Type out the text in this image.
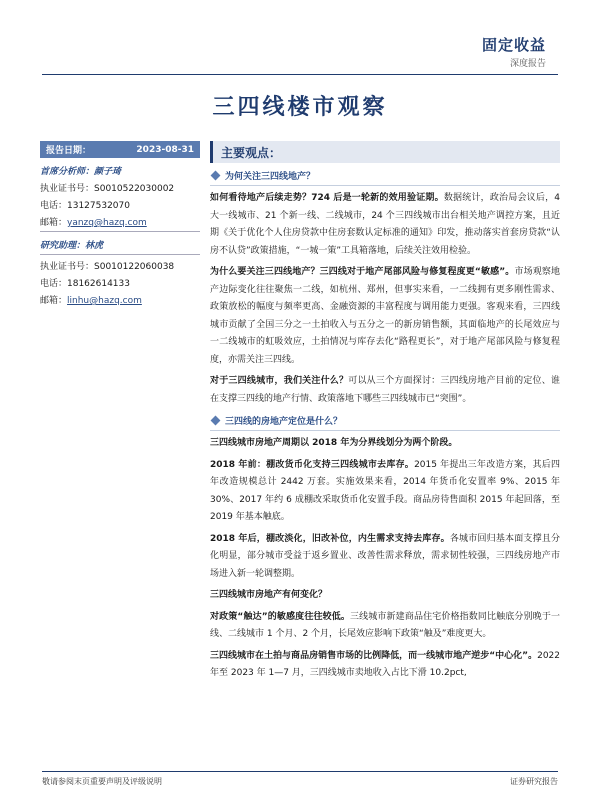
固定收益
深度报告
三四线楼市观察
报告日期：	2023-08-31
首席分析师：颜子琦
执业证书号：S0010522030002
电话：13127532070
邮箱：yanzq@hazq.com
研究助理：林虎
执业证书号：S0010122060038
电话：18162614133
邮箱：linhu@hazq.com
主要观点：
为何关注三四线地产？

如何看待地产后续走势？724 后是一轮新的效用验证期。数据统计，政治局会议后，4 大一线城市、21 个新一线、二线城市，24 个三四线城市出台相关地产调控方案，且近期《关于优化个人住房贷款中住房套数认定标准的通知》印发，推动落实首套房贷款“认房不认贷”政策措施，“一城一策”工具箱落地，后续关注效用检验。

为什么要关注三四线地产？三四线对于地产尾部风险与修复程度更“敏感”。市场观察地产边际变化往往聚焦一二线，如杭州、郑州，但事实来看，一二线拥有更多刚性需求、政策放松的幅度与频率更高、金融资源的丰富程度与调用能力更强。客观来看，三四线城市贡献了全国三分之一土拍收入与五分之一的新房销售额，其面临地产的长尾效应与一二线城市的虹吸效应，土拍情况与库存去化“路程更长”，对于地产尾部风险与修复程度，亦需关注三四线。

对于三四线城市，我们关注什么？可以从三个方面探讨：三四线房地产目前的定位、谁在支撑三四线的地产行情、政策落地下哪些三四线城市已“突围”。

三四线的房地产定位是什么？

三四线城市房地产周期以 2018 年为分界线划分为两个阶段。

2018 年前：棚改货币化支持三四线城市去库存。2015 年提出三年改造方案，其后四年改造规模总计 2442 万套。实施效果来看，2014 年货币化安置率 9%、2015 年 30%、2017 年约 6 成棚改采取货币化安置手段。商品房待售面积 2015 年起回落，至 2019 年基本触底。

2018 年后，棚改淡化，旧改补位，内生需求支持去库存。各城市回归基本面支撑且分化明显，部分城市受益于返乡置业、改善性需求释放，需求韧性较强，三四线房地产市场进入新一轮调整期。

三四线城市房地产有何变化？

对政策“触达”的敏感度往往较低。三线城市新建商品住宅价格指数同比触底分别晚于一线、二线城市 1 个月、2 个月，长尾效应影响下政策“触及”难度更大。

三四线城市在土拍与商品房销售市场的比例降低，而一线城市地产逆步“中心化”。2022 年至 2023 年 1—7 月，三四线城市卖地收入占比下滑 10.2pct,

敬请参阅末页重要声明及评级说明	证券研究报告
